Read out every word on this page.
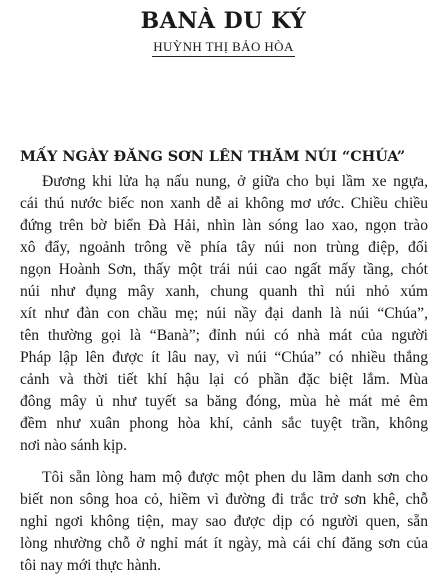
BANÀ DU KÝ

HUỲNH THỊ BẢO HÒA

MẤY NGÀY ĐĂNG SƠN LÊN THĂM NÚI “CHÚA”
Đương khi lửa hạ nấu nung, ở giữa cho bụi lầm xe ngựa,
cái thú nước biếc non xanh dễ ai không mơ ước. Chiều chiều
đứng trên bờ biển Đà Hải, nhìn làn sóng lao xao, ngọn trào
xô đẩy, ngoảnh trông về phía tây núi non trùng điệp, đối
ngọn Hoành Sơn, thấy một trái núi cao ngất mấy tầng, chót
núi như đụng mây xanh, chung quanh thì núi nhỏ xúm
xít như đàn con chầu mẹ; núi nầy đại danh là núi “Chúa”,
tên thường gọi là “Banà”; đỉnh núi có nhà mát của người
Pháp lập lên được ít lâu nay, vì núi “Chúa” có nhiều thắng
cảnh và thời tiết khí hậu lại có phần đặc biệt lắm. Mùa
đông mây ủ như tuyết sa băng đóng, mùa hè mát mẻ êm
đềm như xuân phong hòa khí, cảnh sắc tuyệt trần, không
nơi nào sánh kịp.
Tôi sẵn lòng ham mộ được một phen du lãm danh sơn cho
biết non sông hoa cỏ, hiềm vì đường đi trắc trở sơn khê, chỗ
nghỉ ngơi không tiện, may sao được dịp có người quen, sẵn
lòng nhường chỗ ở nghỉ mát ít ngày, mà cái chí đăng sơn của
tôi nay mới thực hành.
